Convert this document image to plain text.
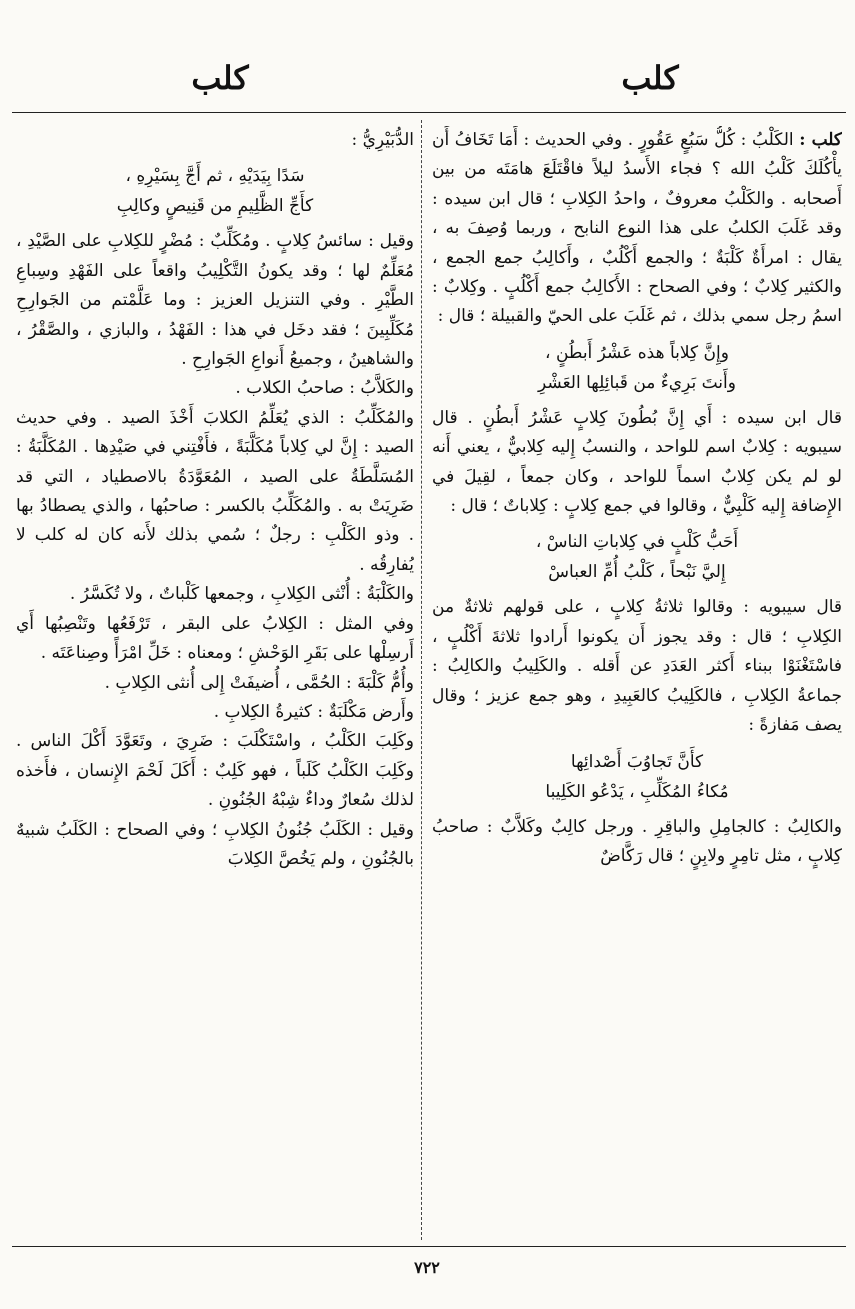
كلب
كلب

كلب : الكَلْبُ : كُلُّ سَبُعٍ عَقُورٍ . وفي الحديث : أَمَا تَخَافُ أَن يأْكُلَكَ كَلْبُ الله ؟ فجاء الأَسدُ ليلاً فاقْتَلَعَ هامَتَه من بين أَصحابه . والكَلْبُ معروفٌ ، واحدُ الكِلابِ ؛ قال ابن سيده : وقد غَلَبَ الكلبُ على هذا النوع النابح ، وربما وُصِفَ به ، يقال : امرأَةٌ كَلْبَةٌ ؛ والجمع أَكْلُبٌ ، وأَكالِبُ جمع الجمع ، والكثير كِلابٌ ؛ وفي الصحاح : الأَكالِبُ جمع أَكْلُبٍ . وكِلابٌ : اسمُ رجل سمي بذلك ، ثم غَلَبَ على الحيّ والقبيلة ؛ قال :

وإِنَّ كِلاباً هذه عَشْرُ أَبطُنٍ ،
وأَنتَ بَرِيءٌ من قَبائِلِها العَشْرِ

قال ابن سيده : أَي إِنَّ بُطُونَ كِلابٍ عَشْرُ أَبطُنٍ . قال سيبويه : كِلابٌ اسم للواحد ، والنسبُ إِليه كِلابيٌّ ، يعني أَنه لو لم يكن كِلابٌ اسماً للواحد ، وكان جمعاً ، لقِيلَ في الإِضافة إِليه كَلْبِيٌّ ، وقالوا في جمع كِلابٍ : كِلاباتٌ ؛ قال :

أَحَبُّ كَلْبٍ في كِلاباتِ الناسْ ،
إِليَّ نَبْحاً ، كَلْبُ أُمِّ العباسْ

قال سيبويه : وقالوا ثلاثةُ كِلابٍ ، على قولهم ثلاثةٌ من الكِلابِ ؛ قال : وقد يجوز أَن يكونوا أَرادوا ثلاثةَ أَكْلُبٍ ، فاسْتَغْنَوْا ببناء أَكثر العَدَدِ عن أَقله . والكَلِيبُ والكالِبُ : جماعةُ الكِلابِ ، فالكَلِيبُ كالعَبِيدِ ، وهو جمع عزيز ؛ وقال يصف مَفازةً :

كأَنَّ تَجاوُبَ أَصْدائِها
مُكاءُ المُكَلِّبِ ، يَدْعُو الكَلِيبا

والكالِبُ : كالجامِلِ والباقِرِ . ورجل كالِبٌ وكَلاَّبٌ : صاحبُ كِلابٍ ، مثل تامِرٍ ولابِنٍ ؛ قال رَكَّاضٌ

الدُّبَيْرِيُّ :

سَدًا بِيَدَيْهِ ، ثم أَجَّ بِسَيْرِهِ ،
كأَجِّ الظَّلِيمِ من قَنِيصٍ وكالِبِ

وقيل : سائسُ كِلابٍ . ومُكَلِّبٌ : مُضْرٍ للكِلابِ على الصَّيْدِ ، مُعَلِّمٌ لها ؛ وقد يكونُ التَّكْلِيبُ واقعاً على الفَهْدِ وسِباعِ الطَّيْرِ . وفي التنزيل العزيز : وما عَلَّمْتم من الجَوارِحِ مُكَلِّبِينَ ؛ فقد دخَل في هذا : الفَهْدُ ، والبازي ، والصَّقْرُ ، والشاهينُ ، وجميعُ أَنواعِ الجَوارِحِ .

والكَلاَّبُ : صاحبُ الكلاب .

والمُكَلِّبُ : الذي يُعَلِّمُ الكلابَ أَخْذَ الصيد . وفي حديث الصيد : إِنَّ لي كِلاباً مُكَلَّبَةً ، فأَفْتِني في صَيْدِها . المُكَلَّبَةُ : المُسَلَّطَةُ على الصيد ، المُعَوَّدَةُ بالاصطياد ، التي قد ضَرِيَتْ به . والمُكَلِّبُ بالكسر : صاحبُها ، والذي يصطادُ بها . وذو الكَلْبِ : رجلٌ ؛ سُمي بذلك لأَنه كان له كلب لا يُفارِقُه .

والكَلْبَةُ : أُنْثى الكِلابِ ، وجمعها كَلْباتٌ ، ولا تُكَسَّرُ .

وفي المثل : الكِلابُ على البقر ، تَرْفَعُها وتَنْصِبُها أَي أَرسِلْها على بَقَرِ الوَحْشِ ؛ ومعناه : خَلِّ امْرَأً وصِناعَتَه .

وأُمُّ كَلْبَةَ : الحُمَّى ، أُضيفَتْ إِلى أُنثى الكِلابِ .

وأَرض مَكْلَبَةٌ : كثيرةُ الكِلابِ .

وكَلِبَ الكَلْبُ ، واسْتَكْلَبَ : ضَرِيَ ، وتَعَوَّدَ أَكْلَ الناس . وكَلِبَ الكَلْبُ كَلَباً ، فهو كَلِبٌ : أَكَلَ لَحْمَ الإِنسان ، فأَخذه لذلك سُعارٌ وداءٌ شِبْهُ الجُنُونِ .

وقيل : الكَلَبُ جُنُونُ الكِلابِ ؛ وفي الصحاح : الكَلَبُ شبيهٌ بالجُنُونِ ، ولم يَخُصَّ الكِلابَ

٧٢٢
